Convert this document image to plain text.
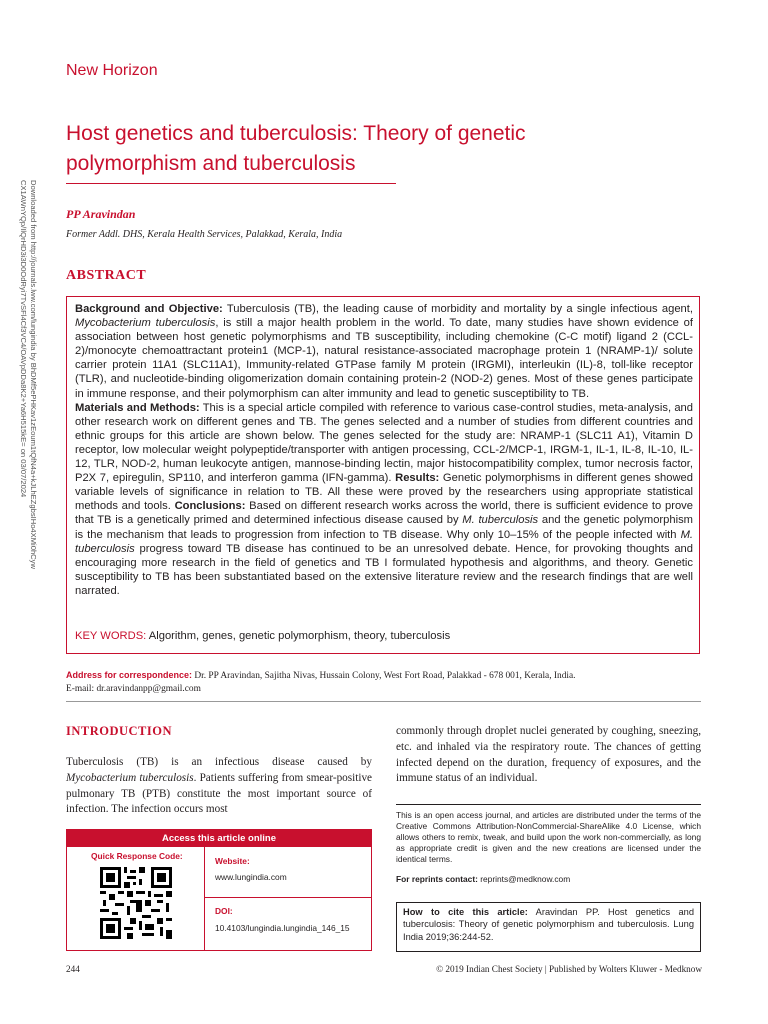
New Horizon
Host genetics and tuberculosis: Theory of genetic
polymorphism and tuberculosis
PP Aravindan
Former Addl. DHS, Kerala Health Services, Palakkad, Kerala, India
Downloaded from http://journals.lww.com/lungindia by BhDMf5ePHKav1zEoum1tQfN4a+kJLhEZgbsIHo4XMi0hCyw
CX1AWnYQp/IlQrHD3i3D0OdRyi7TvSFl4Cf3VC4/OAVpDDa8K2+Ya6H515kE= on 03/07/2024	ABSTRACT

Background and Objective: Tuberculosis (TB), the leading cause of morbidity and mortality by a single infectious agent, Mycobacterium tuberculosis, is still a major health problem in the world. To date, many studies have shown evidence of association between host genetic polymorphisms and TB susceptibility, including chemokine (C-C motif) ligand 2 (CCL-2)/monocyte chemoattractant protein1 (MCP-1), natural resistance-associated macrophage protein 1 (NRAMP-1)/ solute carrier protein 11A1 (SLC11A1), Immunity-related GTPase family M protein (IRGMI), interleukin (IL)-8, toll-like receptor (TLR), and nucleotide-binding oligomerization domain containing protein-2 (NOD-2) genes. Most of these genes participate in immune response, and their polymorphism can alter immunity and lead to genetic susceptibility to TB.
Materials and Methods: This is a special article compiled with reference to various case-control studies, meta-analysis, and other research work on different genes and TB. The genes selected and a number of studies from different countries and ethnic groups for this article are shown below. The genes selected for the study are: NRAMP-1 (SLC11 A1), Vitamin D receptor, low molecular weight polypeptide/transporter with antigen processing, CCL-2/MCP-1, IRGM-1, IL-1, IL-8, IL-10, IL-12, TLR, NOD-2, human leukocyte antigen, mannose-binding lectin, major histocompatibility complex, tumor necrosis factor, P2X 7, epiregulin, SP110, and interferon gamma (IFN-gamma). Results: Genetic polymorphisms in different genes showed variable levels of significance in relation to TB. All these were proved by the researchers using appropriate statistical methods and tools. Conclusions: Based on different research works across the world, there is sufficient evidence to prove that TB is a genetically primed and determined infectious disease caused by M. tuberculosis and the genetic polymorphism is the mechanism that leads to progression from infection to TB disease. Why only 10–15% of the people infected with M. tuberculosis progress toward TB disease has continued to be an unresolved debate. Hence, for provoking thoughts and encouraging more research in the field of genetics and TB I formulated hypothesis and algorithms, and theory. Genetic susceptibility to TB has been substantiated based on the extensive literature review and the research findings that are well narrated.

KEY WORDS: Algorithm, genes, genetic polymorphism, theory, tuberculosis
Address for correspondence: Dr. PP Aravindan, Sajitha Nivas, Hussain Colony, West Fort Road, Palakkad - 678 001, Kerala, India.
E-mail: dr.aravindanpp@gmail.com
INTRODUCTION
Tuberculosis (TB) is an infectious disease caused by Mycobacterium tuberculosis. Patients suffering from smear-positive pulmonary TB (PTB) constitute the most important source of infection. The infection occurs most
commonly through droplet nuclei generated by coughing, sneezing, etc. and inhaled via the respiratory route. The chances of getting infected depend on the duration, frequency of exposures, and the immune status of an individual.
This is an open access journal, and articles are distributed under the terms of the Creative Commons Attribution-NonCommercial-ShareAlike 4.0 License, which allows others to remix, tweak, and build upon the work non-commercially, as long as appropriate credit is given and the new creations are licensed under the identical terms.
For reprints contact: reprints@medknow.com
Access this article online
Quick Response Code:	Website:
www.lungindia.com
DOI:
10.4103/lungindia.lungindia_146_15
How to cite this article: Aravindan PP. Host genetics and tuberculosis: Theory of genetic polymorphism and tuberculosis. Lung India 2019;36:244-52.
244	© 2019 Indian Chest Society | Published by Wolters Kluwer - Medknow
